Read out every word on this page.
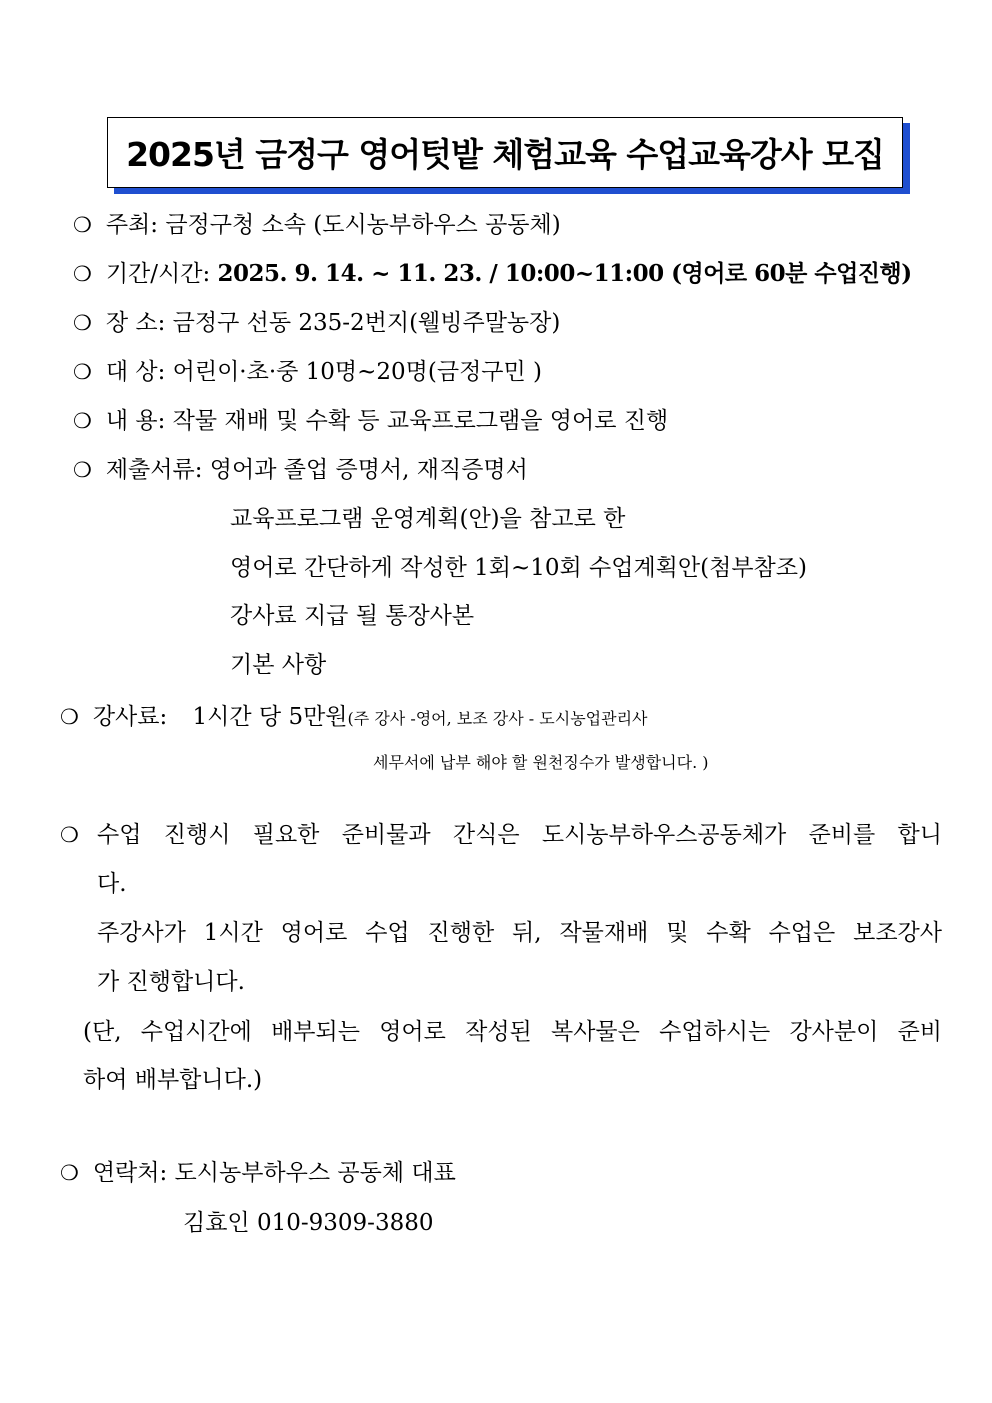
2025년 금정구 영어텃밭 체험교육 수업교육강사 모집
❍ 주최: 금정구청 소속 (도시농부하우스 공동체)
❍ 기간/시간: 2025. 9. 14. ~ 11. 23. / 10:00~11:00 (영어로 60분 수업진행)
❍ 장 소: 금정구 선동 235-2번지(웰빙주말농장)
❍ 대 상: 어린이·초·중 10명~20명(금정구민 )
❍ 내 용: 작물 재배 및 수확 등 교육프로그램을 영어로 진행
❍ 제출서류: 영어과 졸업 증명서, 재직증명서
교육프로그램 운영계획(안)을 참고로 한
영어로 간단하게 작성한 1회~10회 수업계획안(첨부참조)
강사료 지급 될 통장사본
기본 사항
❍ 강사료: 1시간 당 5만원(주 강사 -영어, 보조 강사 - 도시농업관리사
세무서에 납부 해야 할 원천징수가 발생합니다. )
❍ 수업 진행시 필요한 준비물과 간식은 도시농부하우스공동체가 준비를 합니
다.
주강사가 1시간 영어로 수업 진행한 뒤, 작물재배 및 수확 수업은 보조강사
가 진행합니다.
(단, 수업시간에 배부되는 영어로 작성된 복사물은 수업하시는 강사분이 준비
하여 배부합니다.)
❍ 연락처: 도시농부하우스 공동체 대표
김효인 010-9309-3880
